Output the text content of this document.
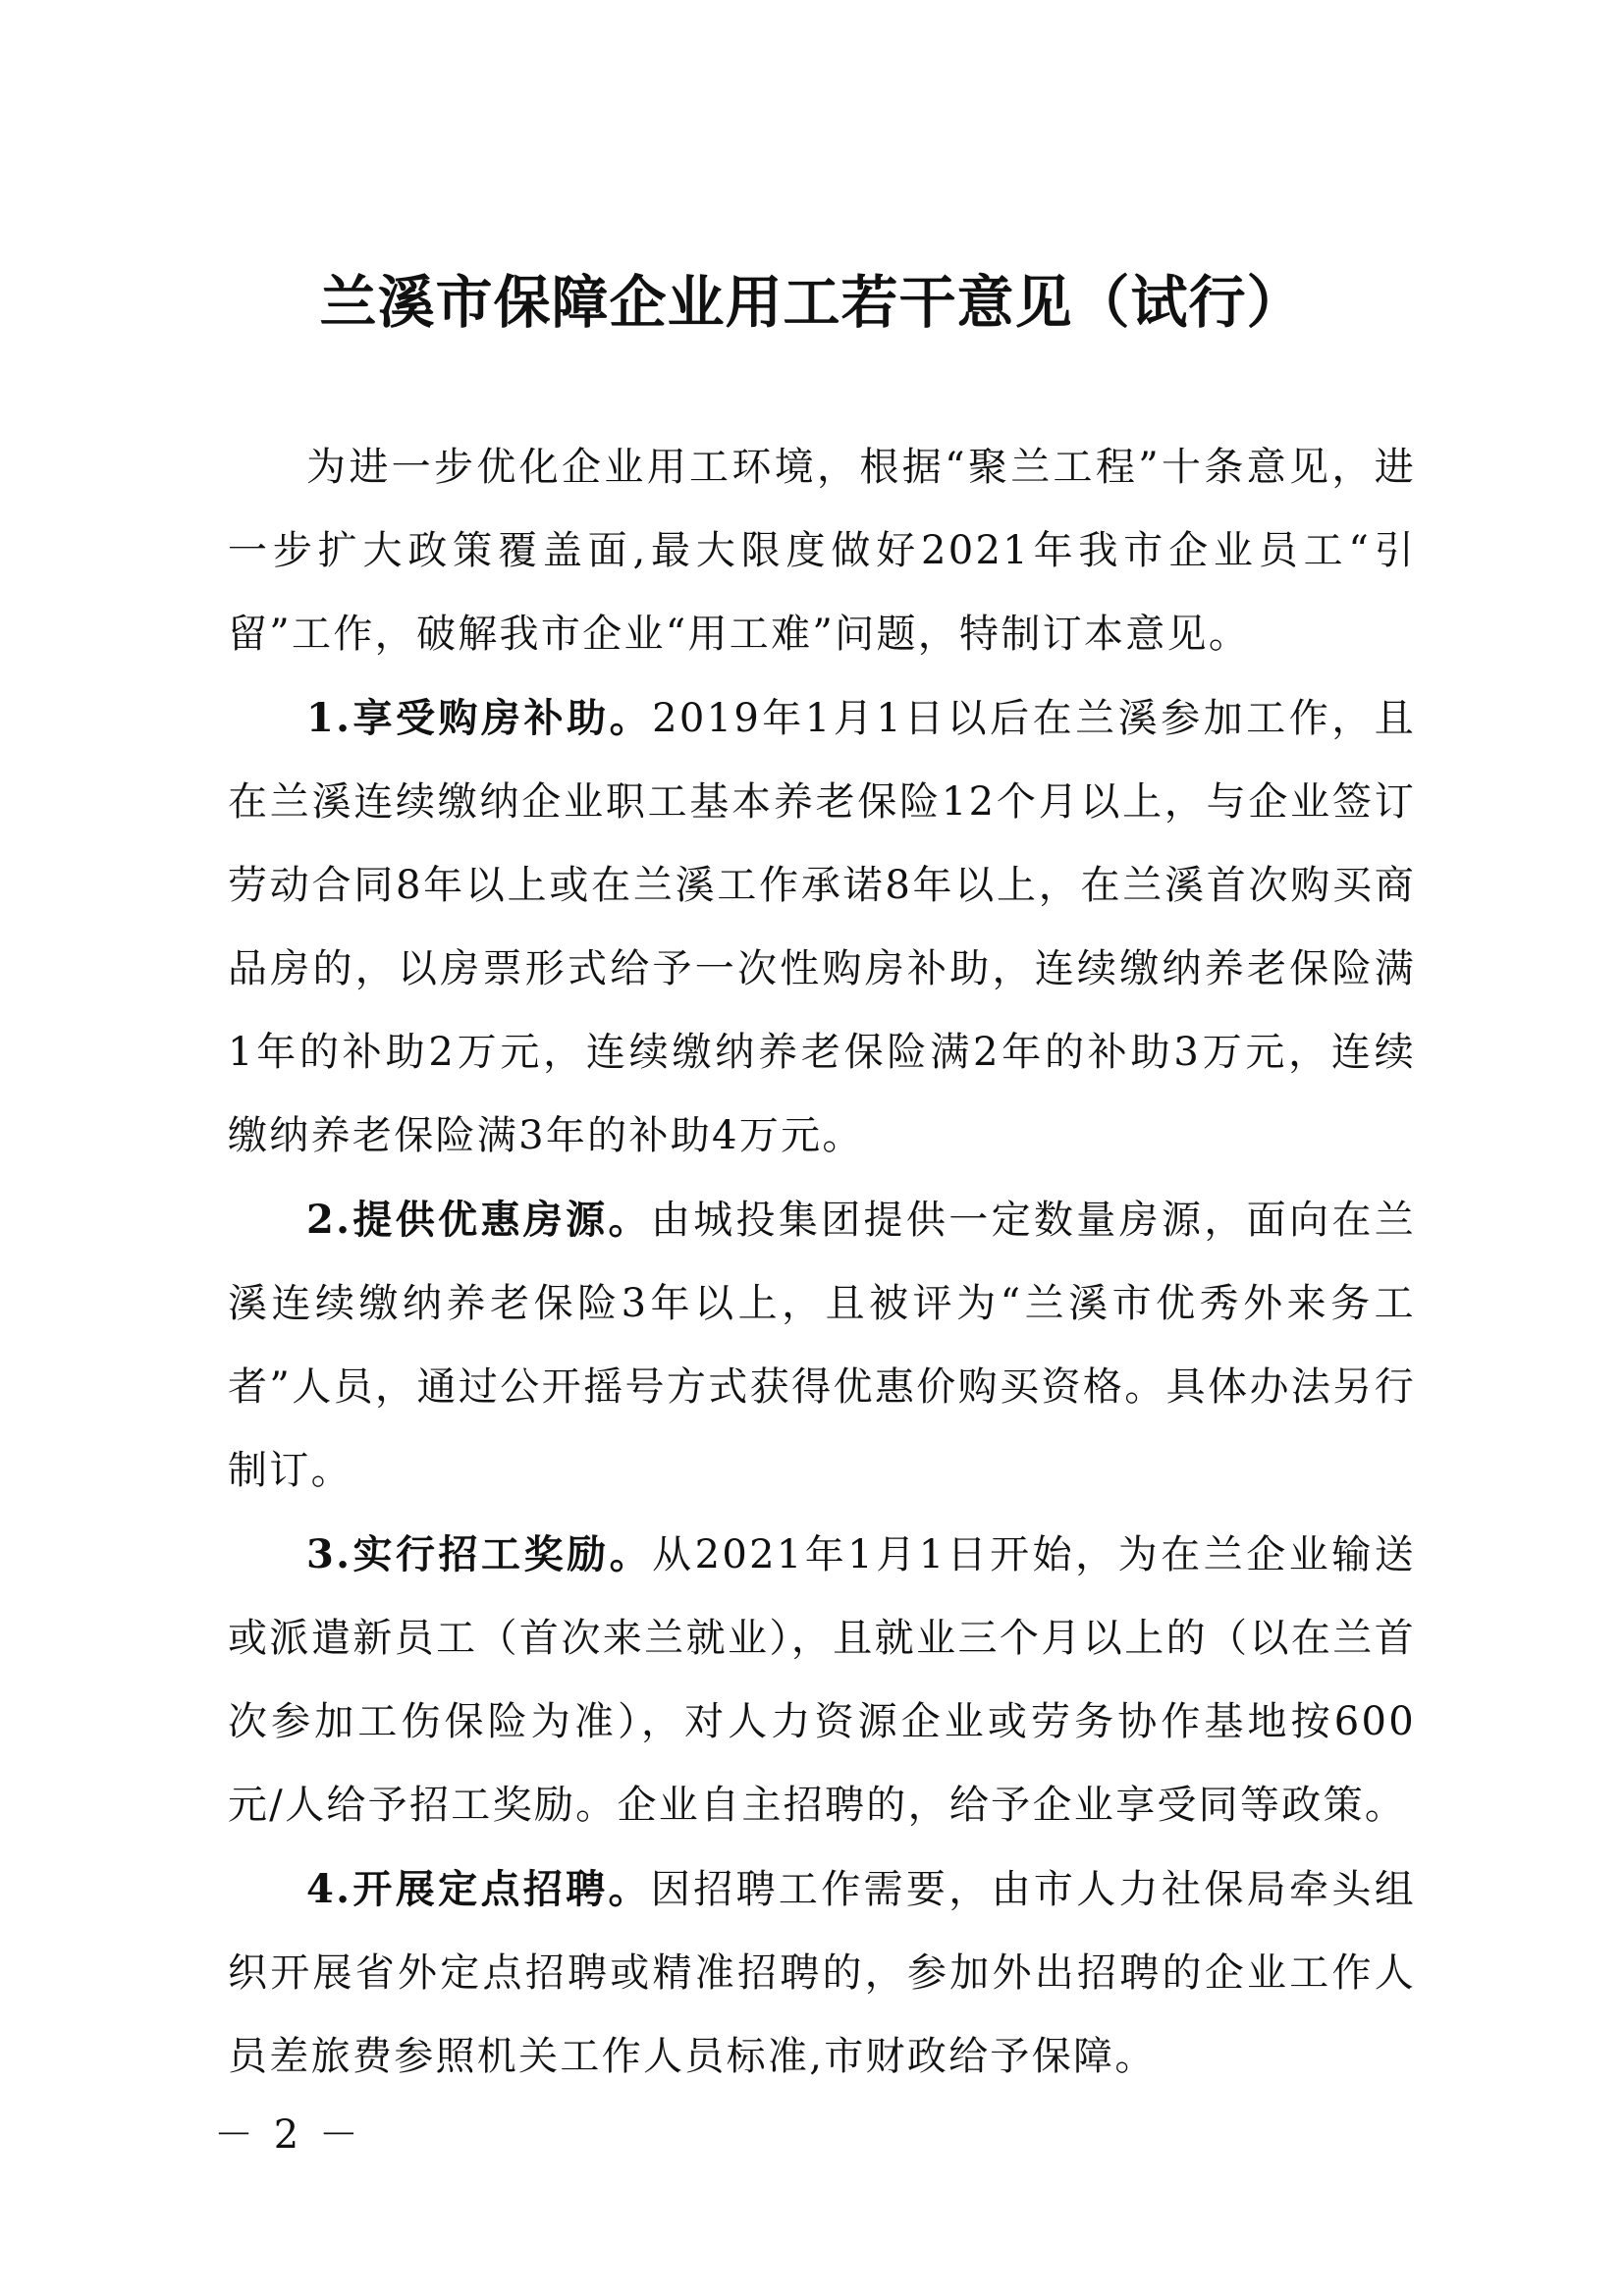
兰溪市保障企业用工若干意见（试行）

为进一步优化企业用工环境，根据“聚兰工程”十条意见，进一步扩大政策覆盖面,最大限度做好2021年我市企业员工“引留”工作，破解我市企业“用工难”问题，特制订本意见。

1.享受购房补助。2019年1月1日以后在兰溪参加工作，且在兰溪连续缴纳企业职工基本养老保险12个月以上，与企业签订劳动合同8年以上或在兰溪工作承诺8年以上，在兰溪首次购买商品房的，以房票形式给予一次性购房补助，连续缴纳养老保险满1年的补助2万元，连续缴纳养老保险满2年的补助3万元，连续缴纳养老保险满3年的补助4万元。

2.提供优惠房源。由城投集团提供一定数量房源，面向在兰溪连续缴纳养老保险3年以上，且被评为“兰溪市优秀外来务工者”人员，通过公开摇号方式获得优惠价购买资格。具体办法另行制订。

3.实行招工奖励。从2021年1月1日开始，为在兰企业输送或派遣新员工（首次来兰就业），且就业三个月以上的（以在兰首次参加工伤保险为准），对人力资源企业或劳务协作基地按600元/人给予招工奖励。企业自主招聘的，给予企业享受同等政策。

4.开展定点招聘。因招聘工作需要，由市人力社保局牵头组织开展省外定点招聘或精准招聘的，参加外出招聘的企业工作人员差旅费参照机关工作人员标准,市财政给予保障。

－ 2 －
